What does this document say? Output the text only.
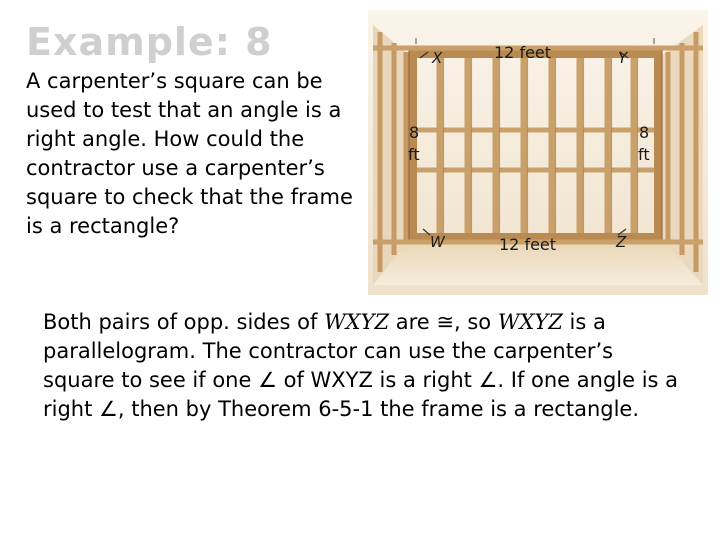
Example: 8

A carpenter’s square can be used to test that an angle is a right angle. How could the contractor use a carpenter’s square to check that the frame is a rectangle?

X	Y
Z
W
12 feet
12 feet
8
ft
8
ft

Both pairs of opp. sides of WXYZ are ≅, so WXYZ is a parallelogram. The contractor can use the carpenter’s square to see if one ∠ of WXYZ is a right ∠. If one angle is a right ∠, then by Theorem 6-5-1 the frame is a rectangle.
